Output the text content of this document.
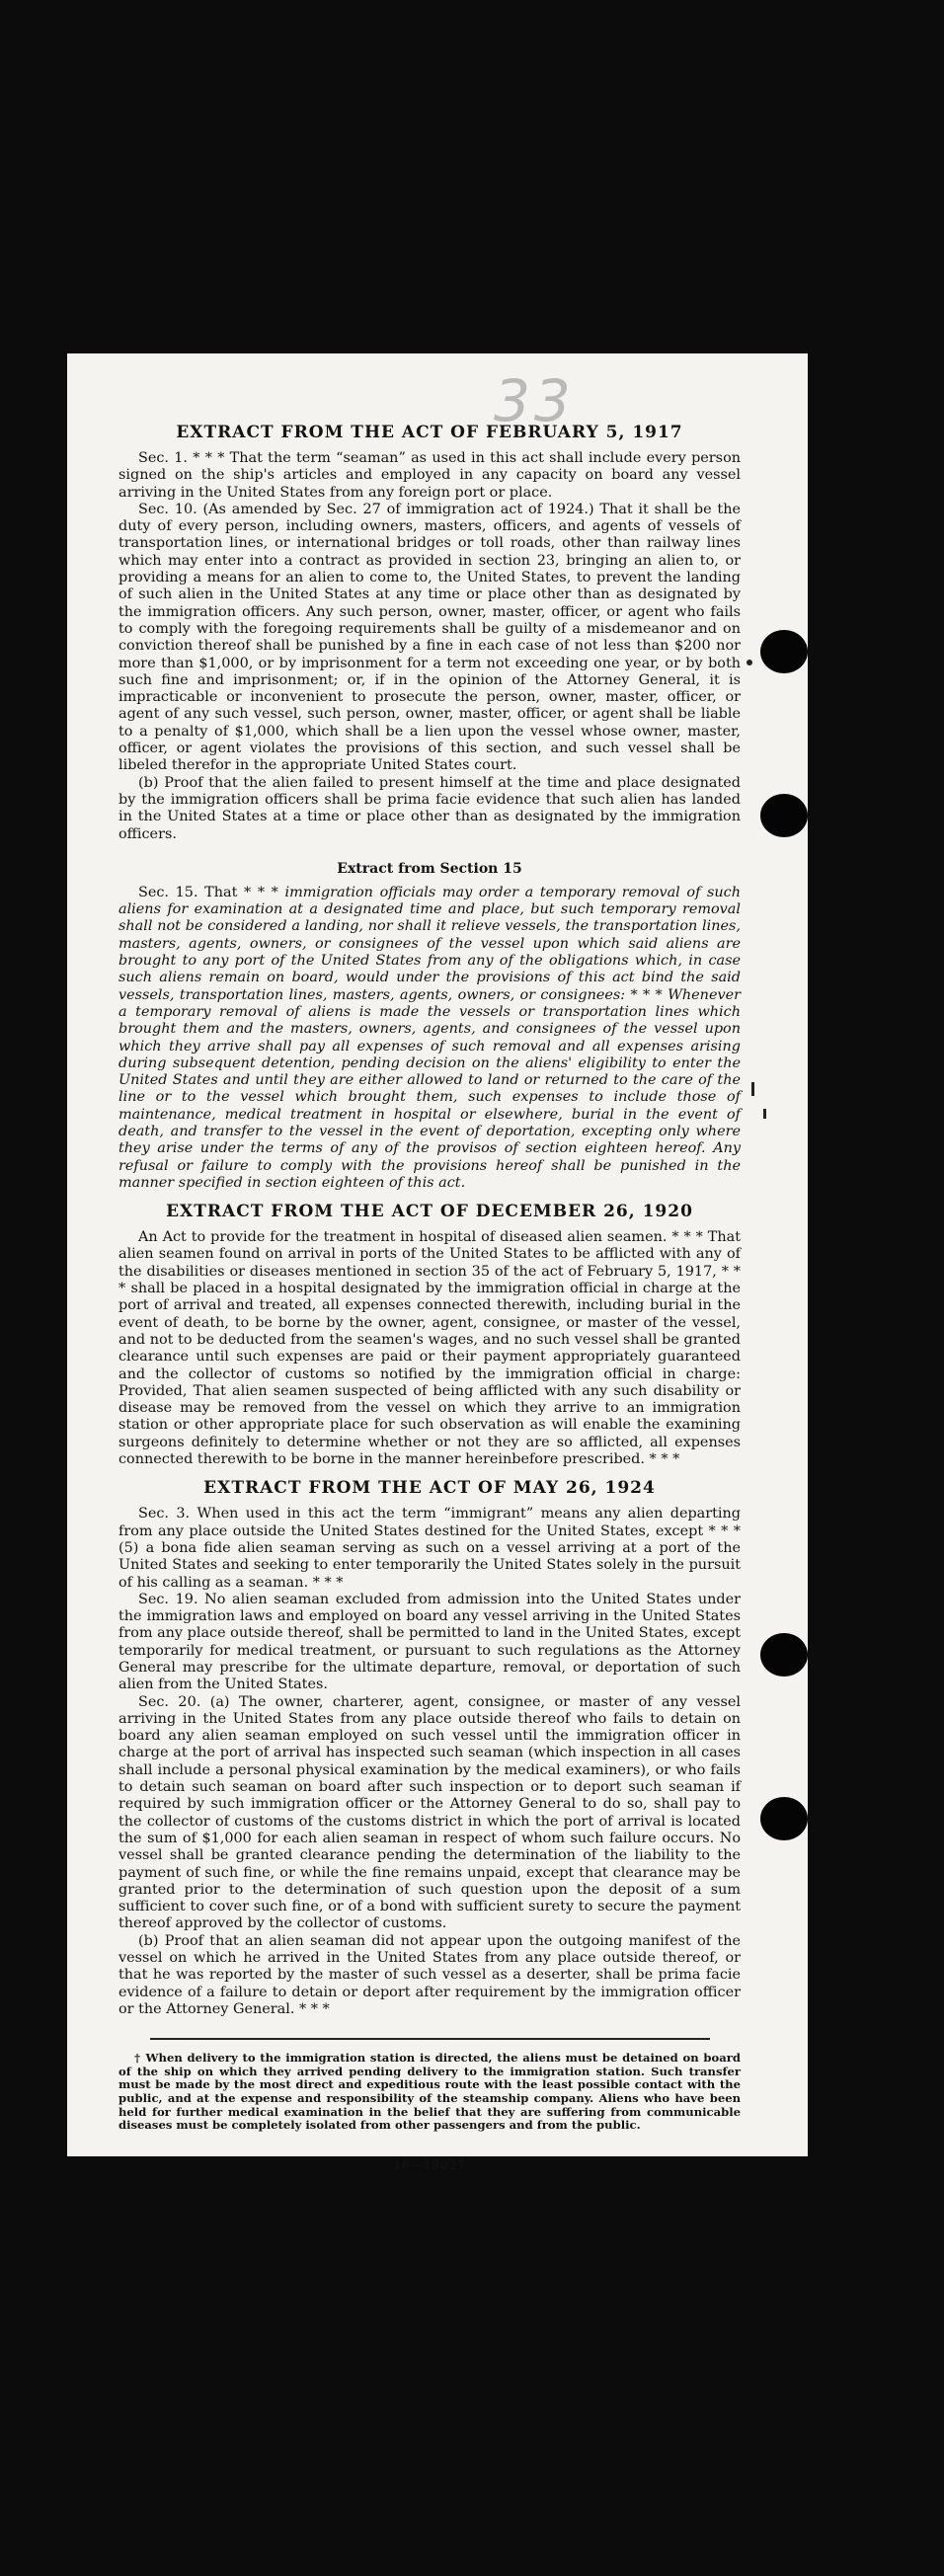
33
EXTRACT FROM THE ACT OF FEBRUARY 5, 1917

Sec. 1. * * * That the term “seaman” as used in this act shall include every person signed on the ship's articles and employed in any capacity on board any vessel arriving in the United States from any foreign port or place.

Sec. 10. (As amended by Sec. 27 of immigration act of 1924.) That it shall be the duty of every person, including owners, masters, officers, and agents of vessels of transportation lines, or international bridges or toll roads, other than railway lines which may enter into a contract as provided in section 23, bringing an alien to, or providing a means for an alien to come to, the United States, to prevent the landing of such alien in the United States at any time or place other than as designated by the immigration officers. Any such person, owner, master, officer, or agent who fails to comply with the foregoing requirements shall be guilty of a misdemeanor and on conviction thereof shall be punished by a fine in each case of not less than $200 nor more than $1,000, or by imprisonment for a term not exceeding one year, or by both such fine and imprisonment; or, if in the opinion of the Attorney General, it is impracticable or inconvenient to prosecute the person, owner, master, officer, or agent of any such vessel, such person, owner, master, officer, or agent shall be liable to a penalty of $1,000, which shall be a lien upon the vessel whose owner, master, officer, or agent violates the provisions of this section, and such vessel shall be libeled therefor in the appropriate United States court.

(b) Proof that the alien failed to present himself at the time and place designated by the immigration officers shall be prima facie evidence that such alien has landed in the United States at a time or place other than as designated by the immigration officers.

Extract from Section 15

Sec. 15. That * * * immigration officials may order a temporary removal of such aliens for examination at a designated time and place, but such temporary removal shall not be considered a landing, nor shall it relieve vessels, the transportation lines, masters, agents, owners, or consignees of the vessel upon which said aliens are brought to any port of the United States from any of the obligations which, in case such aliens remain on board, would under the provisions of this act bind the said vessels, transportation lines, masters, agents, owners, or consignees: * * * Whenever a temporary removal of aliens is made the vessels or transportation lines which brought them and the masters, owners, agents, and consignees of the vessel upon which they arrive shall pay all expenses of such removal and all expenses arising during subsequent detention, pending decision on the aliens' eligibility to enter the United States and until they are either allowed to land or returned to the care of the line or to the vessel which brought them, such expenses to include those of maintenance, medical treatment in hospital or elsewhere, burial in the event of death, and transfer to the vessel in the event of deportation, excepting only where they arise under the terms of any of the provisos of section eighteen hereof. Any refusal or failure to comply with the provisions hereof shall be punished in the manner specified in section eighteen of this act.

EXTRACT FROM THE ACT OF DECEMBER 26, 1920

An Act to provide for the treatment in hospital of diseased alien seamen. * * * That alien seamen found on arrival in ports of the United States to be afflicted with any of the disabilities or diseases mentioned in section 35 of the act of February 5, 1917, * * * shall be placed in a hospital designated by the immigration official in charge at the port of arrival and treated, all expenses connected therewith, including burial in the event of death, to be borne by the owner, agent, consignee, or master of the vessel, and not to be deducted from the seamen's wages, and no such vessel shall be granted clearance until such expenses are paid or their payment appropriately guaranteed and the collector of customs so notified by the immigration official in charge: Provided, That alien seamen suspected of being afflicted with any such disability or disease may be removed from the vessel on which they arrive to an immigration station or other appropriate place for such observation as will enable the examining surgeons definitely to determine whether or not they are so afflicted, all expenses connected therewith to be borne in the manner hereinbefore prescribed. * * *

EXTRACT FROM THE ACT OF MAY 26, 1924

Sec. 3. When used in this act the term “immigrant” means any alien departing from any place outside the United States destined for the United States, except * * * (5) a bona fide alien seaman serving as such on a vessel arriving at a port of the United States and seeking to enter temporarily the United States solely in the pursuit of his calling as a seaman. * * *

Sec. 19. No alien seaman excluded from admission into the United States under the immigration laws and employed on board any vessel arriving in the United States from any place outside thereof, shall be permitted to land in the United States, except temporarily for medical treatment, or pursuant to such regulations as the Attorney General may prescribe for the ultimate departure, removal, or deportation of such alien from the United States.

Sec. 20. (a) The owner, charterer, agent, consignee, or master of any vessel arriving in the United States from any place outside thereof who fails to detain on board any alien seaman employed on such vessel until the immigration officer in charge at the port of arrival has inspected such seaman (which inspection in all cases shall include a personal physical examination by the medical examiners), or who fails to detain such seaman on board after such inspection or to deport such seaman if required by such immigration officer or the Attorney General to do so, shall pay to the collector of customs of the customs district in which the port of arrival is located the sum of $1,000 for each alien seaman in respect of whom such failure occurs. No vessel shall be granted clearance pending the determination of the liability to the payment of such fine, or while the fine remains unpaid, except that clearance may be granted prior to the determination of such question upon the deposit of a sum sufficient to cover such fine, or of a bond with sufficient surety to secure the payment thereof approved by the collector of customs.

(b) Proof that an alien seaman did not appear upon the outgoing manifest of the vessel on which he arrived in the United States from any place outside thereof, or that he was reported by the master of such vessel as a deserter, shall be prima facie evidence of a failure to detain or deport after requirement by the immigration officer or the Attorney General. * * *

† When delivery to the immigration station is directed, the aliens must be detained on board of the ship on which they arrived pending delivery to the immigration station. Such transfer must be made by the most direct and expeditious route with the least possible contact with the public, and at the expense and responsibility of the steamship company. Aliens who have been held for further medical examination in the belief that they are suffering from communicable diseases must be completely isolated from other passengers and from the public.
16—18027
